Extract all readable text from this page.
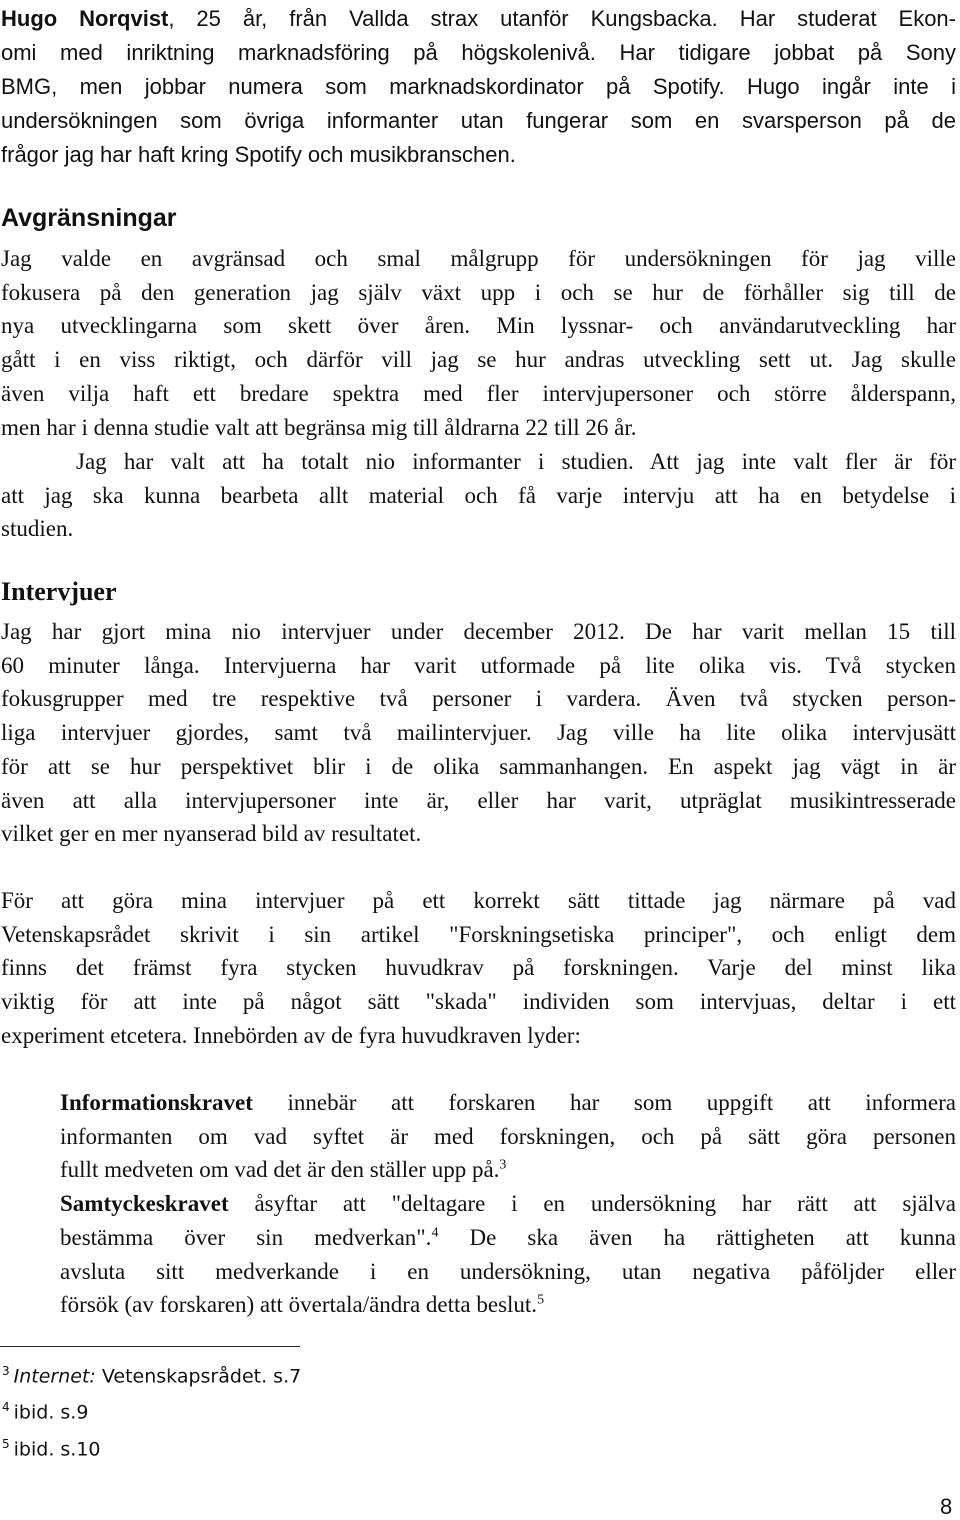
Hugo Norqvist, 25 år, från Vallda strax utanför Kungsbacka. Har studerat Ekon-
omi med inriktning marknadsföring på högskolenivå. Har tidigare jobbat på Sony
BMG, men jobbar numera som marknadskordinator på Spotify. Hugo ingår inte i
undersökningen som övriga informanter utan fungerar som en svarsperson på de
frågor jag har haft kring Spotify och musikbranschen.
Avgränsningar
Jag valde en avgränsad och smal målgrupp för undersökningen för jag ville
fokusera på den generation jag själv växt upp i och se hur de förhåller sig till de
nya utvecklingarna som skett över åren. Min lyssnar- och användarutveckling har
gått i en viss riktigt, och därför vill jag se hur andras utveckling sett ut. Jag skulle
även vilja haft ett bredare spektra med fler intervjupersoner och större ålderspann,
men har i denna studie valt att begränsa mig till åldrarna 22 till 26 år.
Jag har valt att ha totalt nio informanter i studien. Att jag inte valt fler är för
att jag ska kunna bearbeta allt material och få varje intervju att ha en betydelse i
studien.
Intervjuer
Jag har gjort mina nio intervjuer under december 2012. De har varit mellan 15 till
60 minuter långa. Intervjuerna har varit utformade på lite olika vis. Två stycken
fokusgrupper med tre respektive två personer i vardera. Även två stycken person-
liga intervjuer gjordes, samt två mailintervjuer. Jag ville ha lite olika intervjusätt
för att se hur perspektivet blir i de olika sammanhangen. En aspekt jag vägt in är
även att alla intervjupersoner inte är, eller har varit, utpräglat musikintresserade
vilket ger en mer nyanserad bild av resultatet.
För att göra mina intervjuer på ett korrekt sätt tittade jag närmare på vad
Vetenskapsrådet skrivit i sin artikel "Forskningsetiska principer", och enligt dem
finns det främst fyra stycken huvudkrav på forskningen. Varje del minst lika
viktig för att inte på något sätt "skada" individen som intervjuas, deltar i ett
experiment etcetera. Innebörden av de fyra huvudkraven lyder:
Informationskravet innebär att forskaren har som uppgift att informera
informanten om vad syftet är med forskningen, och på sätt göra personen
fullt medveten om vad det är den ställer upp på.$^3$
Samtyckeskravet åsyftar att "deltagare i en undersökning har rätt att själva
bestämma över sin medverkan".$^4$ De ska även ha rättigheten att kunna
avsluta sitt medverkande i en undersökning, utan negativa påföljder eller
försök (av forskaren) att övertala/ändra detta beslut.$^5$
$^3$ Internet: Vetenskapsrådet. s.7
$^4$ ibid. s.9
$^5$ ibid. s.10
8
